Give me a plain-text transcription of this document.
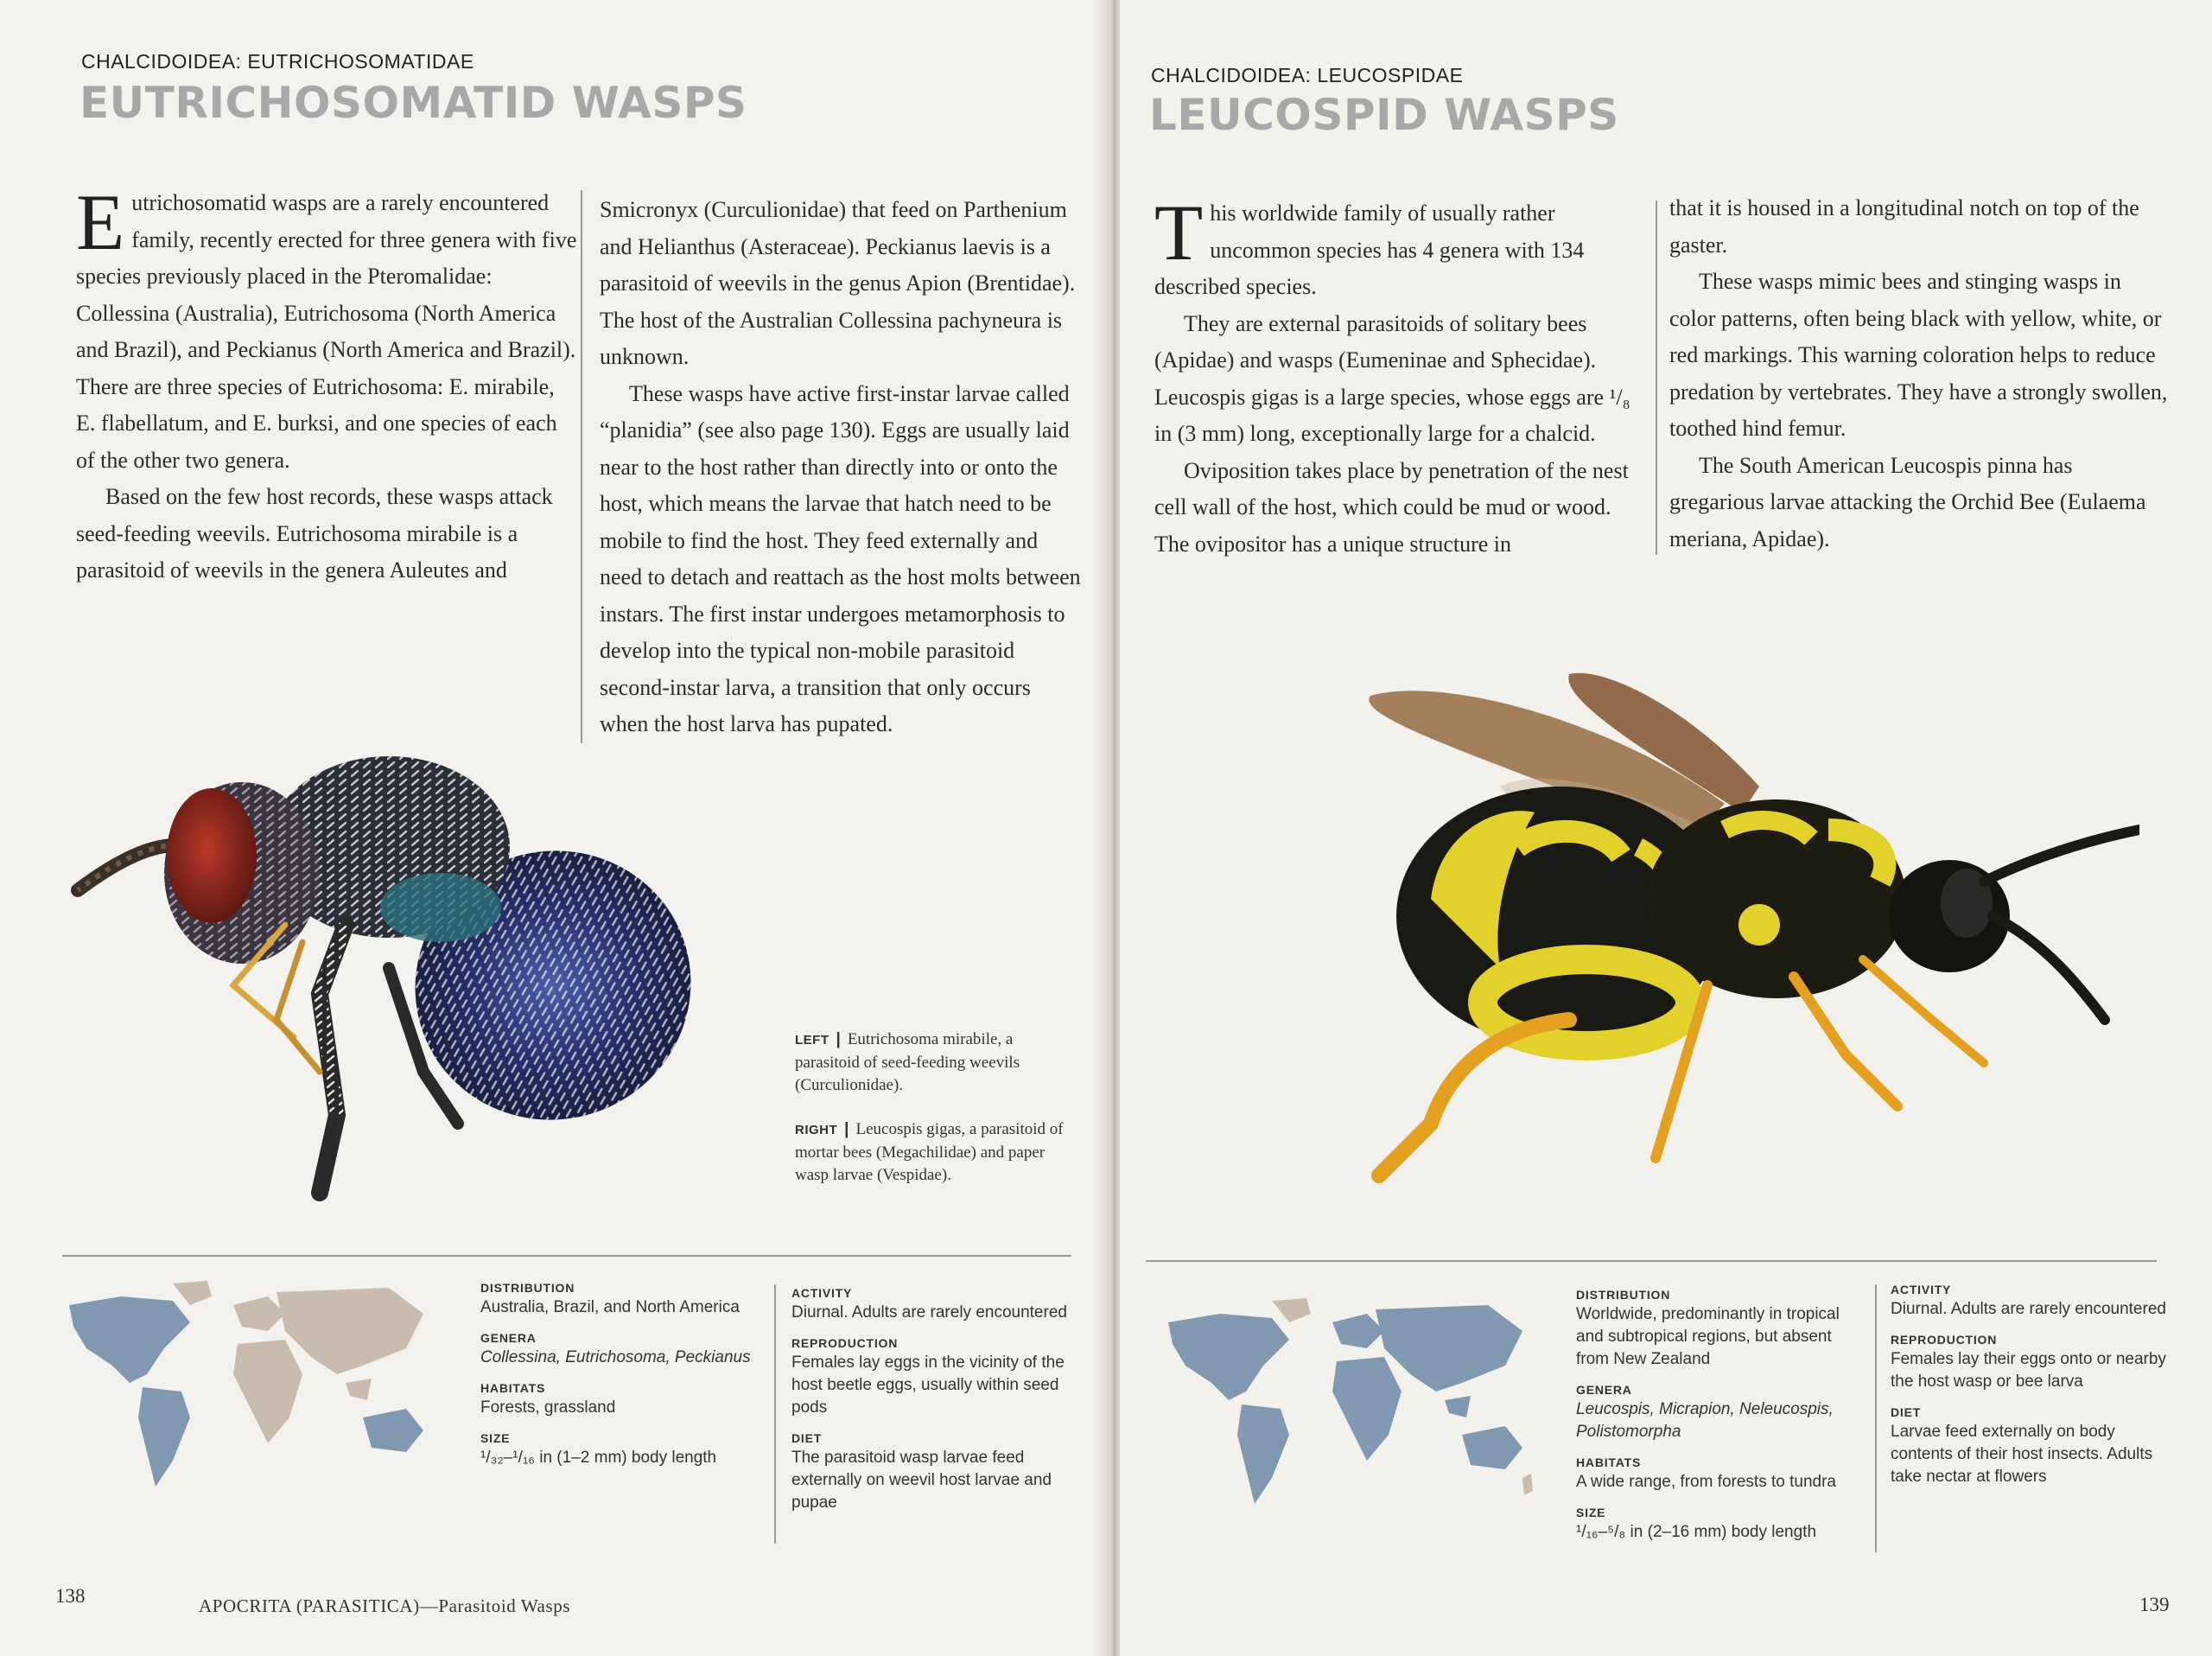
CHALCIDOIDEA: EUTRICHOSOMATIDAE
EUTRICHOSOMATID WASPS

Eutrichosomatid wasps are a rarely encountered family, recently erected for three genera with five species previously placed in the Pteromalidae: Collessina (Australia), Eutrichosoma (North America and Brazil), and Peckianus (North America and Brazil). There are three species of Eutrichosoma: E. mirabile, E. flabellatum, and E. burksi, and one species of each of the other two genera.

Based on the few host records, these wasps attack seed-feeding weevils. Eutrichosoma mirabile is a parasitoid of weevils in the genera Auleutes and

Smicronyx (Curculionidae) that feed on Parthenium and Helianthus (Asteraceae). Peckianus laevis is a parasitoid of weevils in the genus Apion (Brentidae). The host of the Australian Collessina pachyneura is unknown.

These wasps have active first-instar larvae called “planidia” (see also page 130). Eggs are usually laid near to the host rather than directly into or onto the host, which means the larvae that hatch need to be mobile to find the host. They feed externally and need to detach and reattach as the host molts between instars. The first instar undergoes metamorphosis to develop into the typical non-mobile parasitoid second-instar larva, a transition that only occurs when the host larva has pupated.

LEFT | Eutrichosoma mirabile, a parasitoid of seed-feeding weevils (Curculionidae).
RIGHT | Leucospis gigas, a parasitoid of mortar bees (Megachilidae) and paper wasp larvae (Vespidae).
DISTRIBUTION
Australia, Brazil, and North America
GENERA
Collessina, Eutrichosoma, Peckianus
HABITATS
Forests, grassland
SIZE
¹/₃₂–¹/₁₆ in (1–2 mm) body length
ACTIVITY
Diurnal. Adults are rarely encountered
REPRODUCTION
Females lay eggs in the vicinity of the host beetle eggs, usually within seed pods
DIET
The parasitoid wasp larvae feed externally on weevil host larvae and pupae
138	APOCRITA (PARASITICA)—Parasitoid Wasps
CHALCIDOIDEA: LEUCOSPIDAE
LEUCOSPID WASPS

This worldwide family of usually rather uncommon species has 4 genera with 134 described species.

They are external parasitoids of solitary bees (Apidae) and wasps (Eumeninae and Sphecidae). Leucospis gigas is a large species, whose eggs are ¹/₈ in (3 mm) long, exceptionally large for a chalcid.

Oviposition takes place by penetration of the nest cell wall of the host, which could be mud or wood. The ovipositor has a unique structure in

that it is housed in a longitudinal notch on top of the gaster.

These wasps mimic bees and stinging wasps in color patterns, often being black with yellow, white, or red markings. This warning coloration helps to reduce predation by vertebrates. They have a strongly swollen, toothed hind femur.

The South American Leucospis pinna has gregarious larvae attacking the Orchid Bee (Eulaema meriana, Apidae).

DISTRIBUTION
Worldwide, predominantly in tropical and subtropical regions, but absent from New Zealand
GENERA
Leucospis, Micrapion, Neleucospis, Polistomorpha
HABITATS
A wide range, from forests to tundra
SIZE
¹/₁₆–⁵/₈ in (2–16 mm) body length
ACTIVITY
Diurnal. Adults are rarely encountered
REPRODUCTION
Females lay their eggs onto or nearby the host wasp or bee larva
DIET
Larvae feed externally on body contents of their host insects. Adults take nectar at flowers
139
